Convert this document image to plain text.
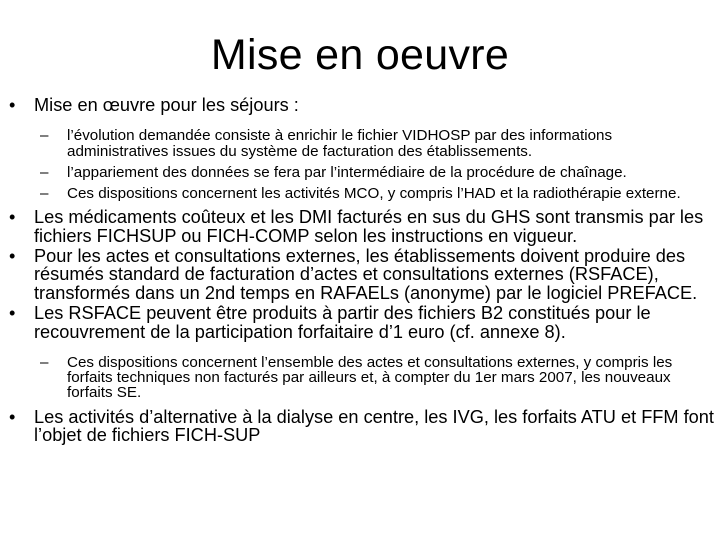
Mise en oeuvre
• Mise en œuvre pour les séjours :
– l’évolution demandée consiste à enrichir le fichier VIDHOSP par des informations administratives issues du système de facturation des établissements.
– l’appariement des données se fera par l’intermédiaire de la procédure de chaînage.
– Ces dispositions concernent les activités MCO, y compris l’HAD et la radiothérapie externe.
• Les médicaments coûteux et les DMI facturés en sus du GHS sont transmis par les fichiers FICHSUP ou FICH-COMP selon les instructions en vigueur.
• Pour les actes et consultations externes, les établissements doivent produire des résumés standard de facturation d’actes et consultations externes (RSFACE), transformés dans un 2nd temps en RAFAELs (anonyme) par le logiciel PREFACE.
• Les RSFACE peuvent être produits à partir des fichiers B2 constitués pour le recouvrement de la participation forfaitaire d’1 euro (cf. annexe 8).
– Ces dispositions concernent l’ensemble des actes et consultations externes, y compris les forfaits techniques non facturés par ailleurs et, à compter du 1er mars 2007, les nouveaux forfaits SE.
• Les activités d’alternative à la dialyse en centre, les IVG, les forfaits ATU et FFM font l’objet de fichiers FICH-SUP
